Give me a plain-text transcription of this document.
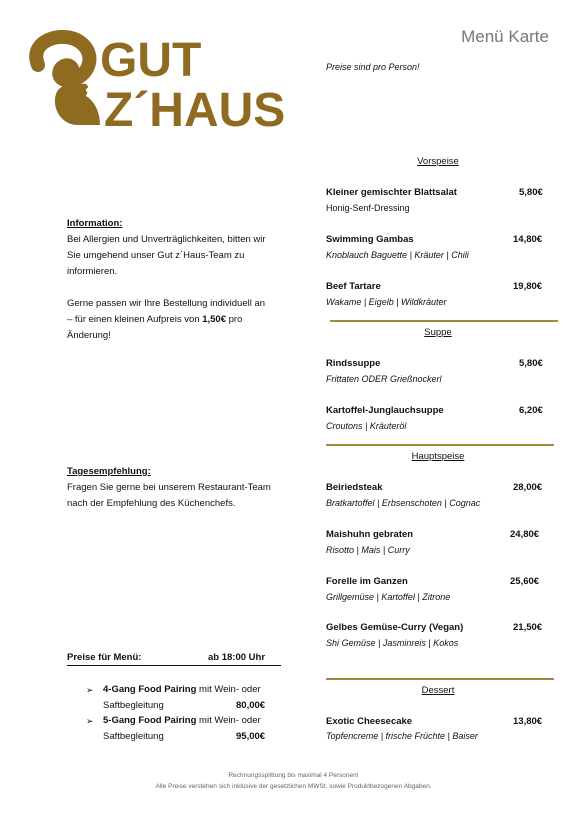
GUT
Z´HAUS
Menü Karte
Preise sind pro Person!
Vorspeise
Kleiner gemischter Blattsalat	5,80€
Honig-Senf-Dressing
Swimming Gambas	14,80€
Knoblauch Baguette | Kräuter | Chili
Beef Tartare	19,80€
Wakame | Eigelb | Wildkräuter
Suppe
Rindssuppe	5,80€
Frittaten ODER Grießnockerl
Kartoffel-Junglauchsuppe	6,20€
Croutons | Kräuteröl
Hauptspeise
Beiriedsteak	28,00€
Bratkartoffel | Erbsenschoten | Cognac
Maishuhn gebraten	24,80€
Risotto | Mais | Curry
Forelle im Ganzen	25,60€
Grillgemüse | Kartoffel | Zitrone
Gelbes Gemüse-Curry (Vegan)	21,50€
Shi Gemüse | Jasminreis | Kokos
Dessert
Exotic Cheesecake	13,80€
Topfencreme | frische Früchte | Baiser
Information:
Bei Allergien und Unverträglichkeiten, bitten wir
Sie umgehend unser Gut z´Haus-Team zu
informieren.
Gerne passen wir Ihre Bestellung individuell an
– für einen kleinen Aufpreis von 1,50€ pro
Änderung!
Tagesempfehlung:
Fragen Sie gerne bei unserem Restaurant-Team
nach der Empfehlung des Küchenchefs.
Preise für Menü:	ab 18:00 Uhr
➢ 4-Gang Food Pairing mit Wein- oder
Saftbegleitung	80,00€
➢ 5-Gang Food Pairing mit Wein- oder
Saftbegleitung	95,00€
Rechnungssplittung bis maximal 4 Personen!
Alle Preise verstehen sich inklusive der gesetzlichen MWSt. sowie Produktbezogenen Abgaben.
